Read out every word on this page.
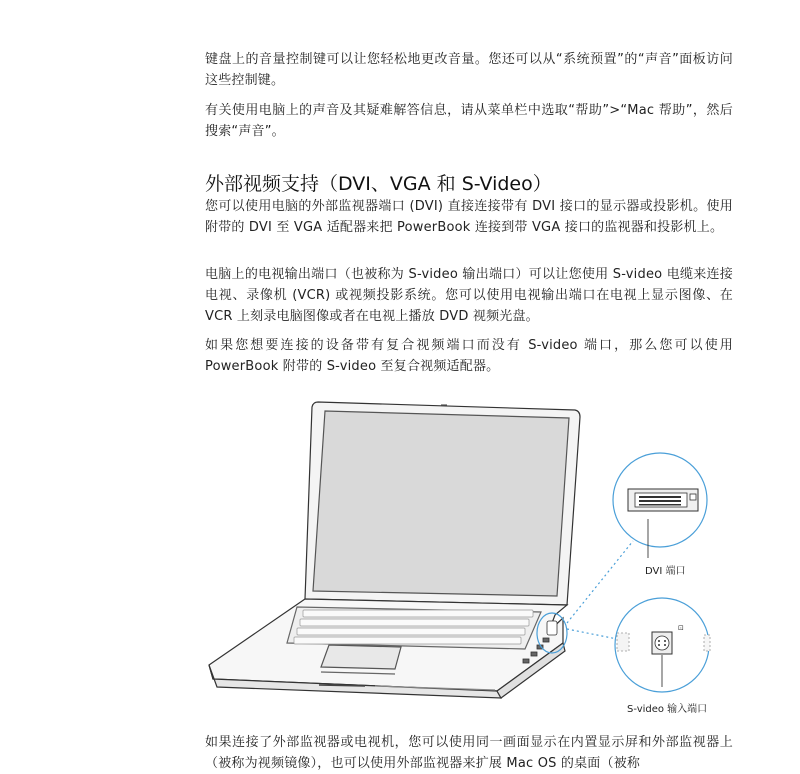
键盘上的音量控制键可以让您轻松地更改音量。您还可以从“系统预置”的“声音”面板访问这些控制键。

有关使用电脑上的声音及其疑难解答信息，请从菜单栏中选取“帮助”>“Mac 帮助”，然后搜索“声音”。

外部视频支持（DVI、VGA 和 S-Video）

您可以使用电脑的外部监视器端口 (DVI) 直接连接带有 DVI 接口的显示器或投影机。使用附带的 DVI 至 VGA 适配器来把 PowerBook 连接到带 VGA 接口的监视器和投影机上。

电脑上的电视输出端口（也被称为 S-video 输出端口）可以让您使用 S-video 电缆来连接电视、录像机 (VCR) 或视频投影系统。您可以使用电视输出端口在电视上显示图像、在 VCR 上刻录电脑图像或者在电视上播放 DVD 视频光盘。

如果您想要连接的设备带有复合视频端口而没有 S-video 端口，那么您可以使用 PowerBook 附带的 S-video 至复合视频适配器。

⊡
DVI 端口
S-video 输入端口

如果连接了外部监视器或电视机，您可以使用同一画面显示在内置显示屏和外部监视器上（被称为视频镜像），也可以使用外部监视器来扩展 Mac OS 的桌面（被称
